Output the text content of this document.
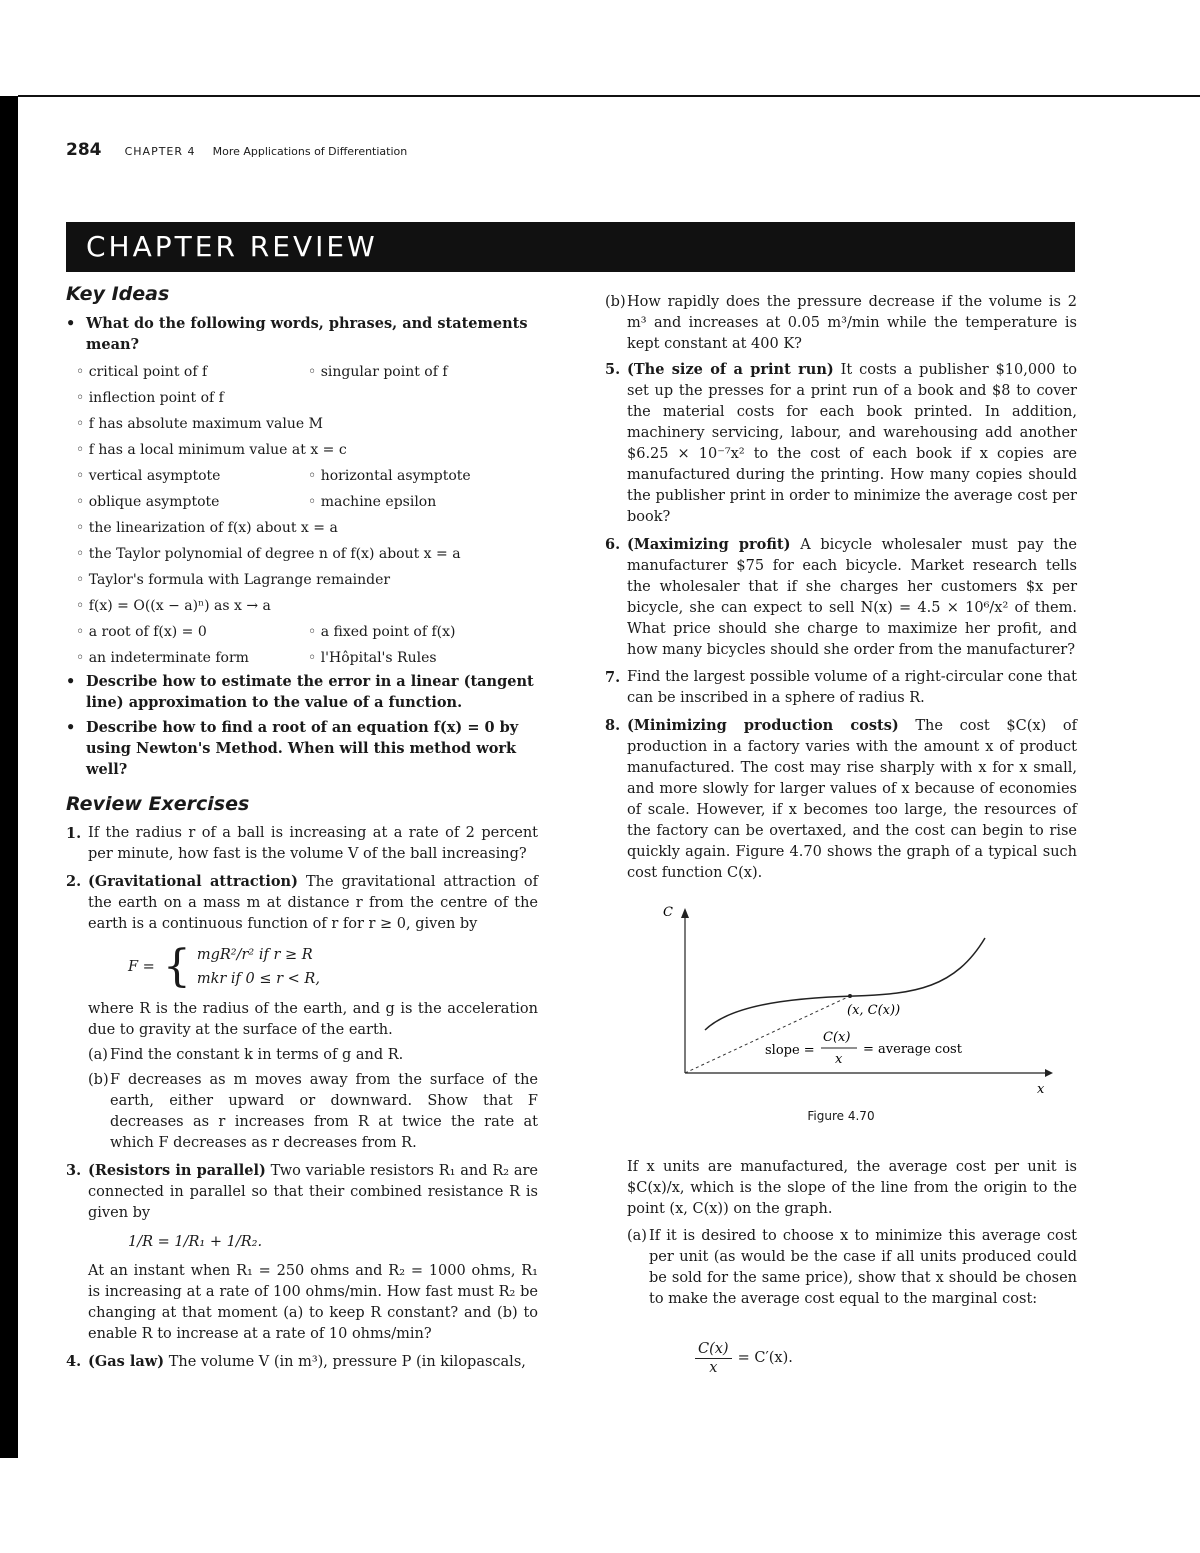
284 CHAPTER 4 More Applications of Differentiation
CHAPTER REVIEW
Key Ideas
• What do the following words, phrases, and statements mean?
◦ critical point of f	◦ singular point of f
◦ inflection point of f
◦ f has absolute maximum value M
◦ f has a local minimum value at x = c
◦ vertical asymptote	◦ horizontal asymptote
◦ oblique asymptote	◦ machine epsilon
◦ the linearization of f(x) about x = a
◦ the Taylor polynomial of degree n of f(x) about x = a
◦ Taylor's formula with Lagrange remainder
◦ f(x) = O((x − a)ⁿ) as x → a
◦ a root of f(x) = 0	◦ a fixed point of f(x)
◦ an indeterminate form	◦ l'Hôpital's Rules
• Describe how to estimate the error in a linear (tangent line) approximation to the value of a function.
• Describe how to find a root of an equation f(x) = 0 by using Newton's Method. When will this method work well?
Review Exercises
1. If the radius r of a ball is increasing at a rate of 2 percent per minute, how fast is the volume V of the ball increasing?
2. (Gravitational attraction) The gravitational attraction of the earth on a mass m at distance r from the centre of the earth is a continuous function of r for r ≥ 0, given by
F = { mgR²/r² if r ≥ R
mkr if 0 ≤ r < R,
where R is the radius of the earth, and g is the acceleration due to gravity at the surface of the earth.
(a) Find the constant k in terms of g and R.
(b) F decreases as m moves away from the surface of the earth, either upward or downward. Show that F decreases as r increases from R at twice the rate at which F decreases as r decreases from R.
3. (Resistors in parallel) Two variable resistors R₁ and R₂ are connected in parallel so that their combined resistance R is given by
1/R = 1/R₁ + 1/R₂.
At an instant when R₁ = 250 ohms and R₂ = 1000 ohms, R₁ is increasing at a rate of 100 ohms/min. How fast must R₂ be changing at that moment (a) to keep R constant? and (b) to enable R to increase at a rate of 10 ohms/min?
4. (Gas law) The volume V (in m³), pressure P (in kilopascals,
(b) How rapidly does the pressure decrease if the volume is 2 m³ and increases at 0.05 m³/min while the temperature is kept constant at 400 K?
5. (The size of a print run) It costs a publisher $10,000 to set up the presses for a print run of a book and $8 to cover the material costs for each book printed. In addition, machinery servicing, labour, and warehousing add another $6.25 × 10⁻⁷x² to the cost of each book if x copies are manufactured during the printing. How many copies should the publisher print in order to minimize the average cost per book?
6. (Maximizing profit) A bicycle wholesaler must pay the manufacturer $75 for each bicycle. Market research tells the wholesaler that if she charges her customers $x per bicycle, she can expect to sell N(x) = 4.5 × 10⁶/x² of them. What price should she charge to maximize her profit, and how many bicycles should she order from the manufacturer?
7. Find the largest possible volume of a right-circular cone that can be inscribed in a sphere of radius R.
8. (Minimizing production costs) The cost $C(x) of production in a factory varies with the amount x of product manufactured. The cost may rise sharply with x for x small, and more slowly for larger values of x because of economies of scale. However, if x becomes too large, the resources of the factory can be overtaxed, and the cost can begin to rise quickly again. Figure 4.70 shows the graph of a typical such cost function C(x).
C
x
(x, C(x))
slope =
C(x)
x
= average cost
Figure 4.70
If x units are manufactured, the average cost per unit is $C(x)/x, which is the slope of the line from the origin to the point (x, C(x)) on the graph.
(a) If it is desired to choose x to minimize this average cost per unit (as would be the case if all units produced could be sold for the same price), show that x should be chosen to make the average cost equal to the marginal cost:
$\frac{C(x)}{x} = C'(x)$.
